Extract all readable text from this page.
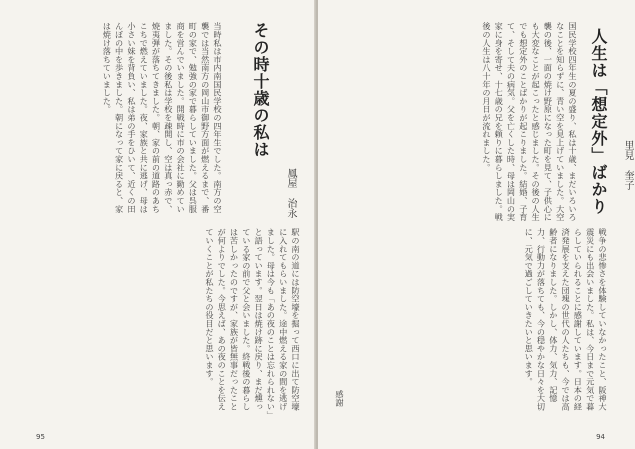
当時私は市内南国民学校の四年生でした。南方の空襲では当然南方の岡山市御野方面が燃えるまで、番町の家で、勉強の家で暮らしていました。父は呉服商を営んでいました。開戦時に市の会社に勤めていました。その後私は学校を疎開し、空は真っ赤で、焼夷弾が落ちてきました。朝、家の前の道路のあちこちで燃えていました。夜、家族と共に逃げ、母は小さい妹を背負い、私は弟の手をひいて、近くの田んぼの中を歩きました。朝になって家に戻ると、家は焼け落ちていました。	その時十歳の私は
鳳屋　治永
駅の南の道には防空壕を掘って西口に出て防空壕に入れてもらいました。途中燃える家の間を逃げました。母は今も「あの夜のことは忘れられない」と語っています。翌日は焼け跡に戻り、まだ燻っている家の前で父と会いました。終戦後の暮らしは苦しかったのですが、家族が皆無事だったことが何よりでした。今思えば、あの夜のことを伝えていくことが私たちの役目だと思います。
95
人生は「想定外」ばかり 里見　奎子
国民学校四年生の夏の盛り、私は十歳、まだいろいろなことを知らずに、青い空を見上げていました。大空襲の後、一面の焼け野原になった町を見て、子供心にも大変なことが起こったと感じました。その後の人生でも想定外のことばかりが起こりました。結婚、子育て、そして夫の病気。父を亡くした時、母は岡山の実家に身を寄せ、十七歳の兄を頼りに暮らしました。戦後の人生は八十年の月日が流れました。
戦争の悲惨さを体験していなかったこと、阪神大震災にも出会いました。私は、今日まで元気で暮らしていられることに感謝しています。日本の経済発展を支えた団塊の世代の人たちも、今では高齢者になりました。しかし、体力、気力、記憶力、行動力が落ちても、今の穏やかな日々を大切に、元気で過ごしていきたいと思います。
感謝
94
